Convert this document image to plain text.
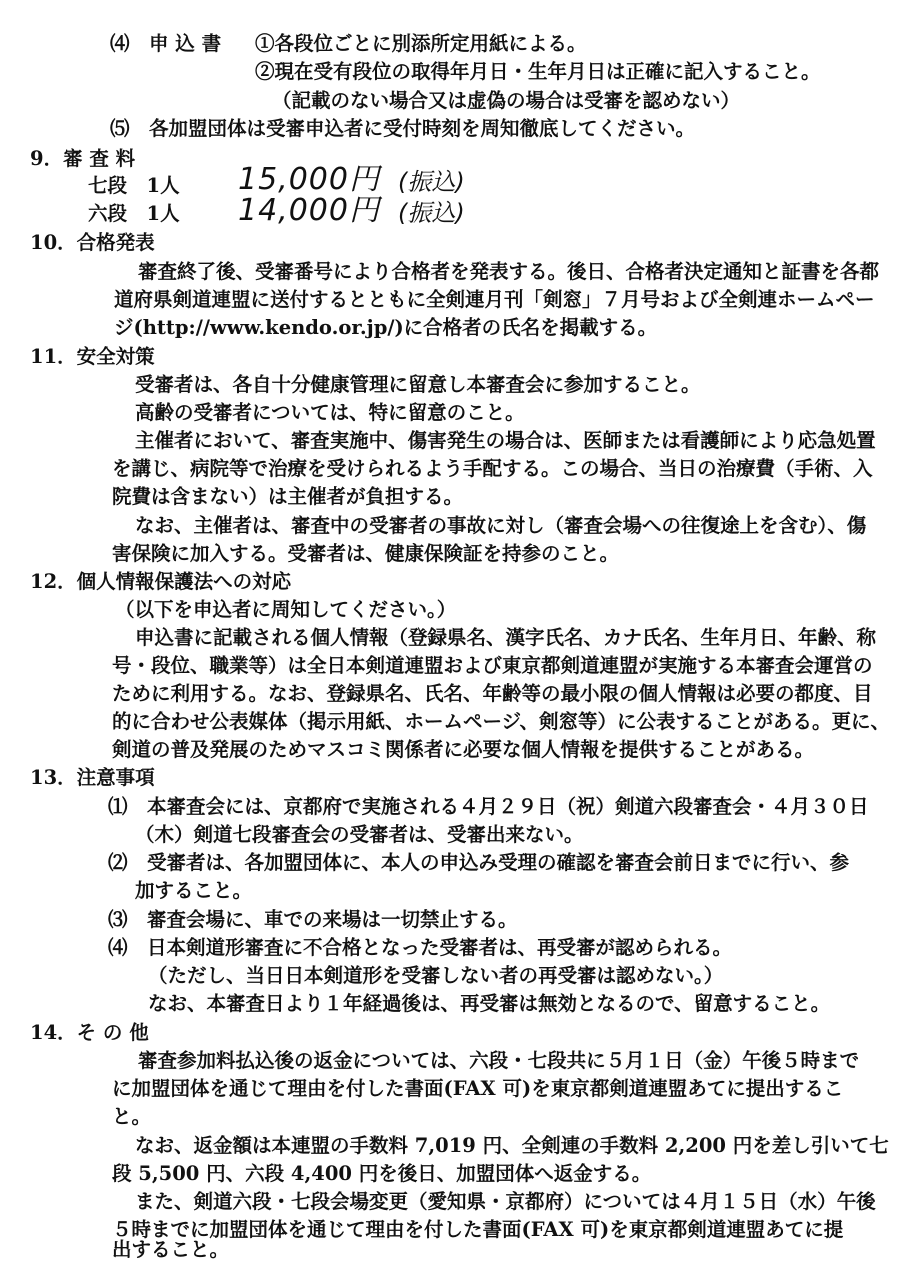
⑷　申 込 書 ①各段位ごとに別添所定用紙による。
②現在受有段位の取得年月日・生年月日は正確に記入すること。
（記載のない場合又は虚偽の場合は受審を認めない）
⑸　各加盟団体は受審申込者に受付時刻を周知徹底してください。
9．審 査 料
七段　1人 15,000円 (振込)
六段　1人 14,000円 (振込)
10．合格発表
審査終了後、受審番号により合格者を発表する。後日、合格者決定通知と証書を各都
道府県剣道連盟に送付するとともに全剣連月刊「剣窓」７月号および全剣連ホームペー
ジ(http://www.kendo.or.jp/)に合格者の氏名を掲載する。
11．安全対策
受審者は、各自十分健康管理に留意し本審査会に参加すること。
高齢の受審者については、特に留意のこと。
主催者において、審査実施中、傷害発生の場合は、医師または看護師により応急処置
を講じ、病院等で治療を受けられるよう手配する。この場合、当日の治療費（手術、入
院費は含まない）は主催者が負担する。
なお、主催者は、審査中の受審者の事故に対し（審査会場への往復途上を含む）、傷
害保険に加入する。受審者は、健康保険証を持参のこと。
12．個人情報保護法への対応
（以下を申込者に周知してください。）
申込書に記載される個人情報（登録県名、漢字氏名、カナ氏名、生年月日、年齢、称
号・段位、職業等）は全日本剣道連盟および東京都剣道連盟が実施する本審査会運営の
ために利用する。なお、登録県名、氏名、年齢等の最小限の個人情報は必要の都度、目
的に合わせ公表媒体（掲示用紙、ホームページ、剣窓等）に公表することがある。更に、
剣道の普及発展のためマスコミ関係者に必要な個人情報を提供することがある。
13．注意事項
⑴　本審査会には、京都府で実施される４月２９日（祝）剣道六段審査会・４月３０日
（木）剣道七段審査会の受審者は、受審出来ない。
⑵　受審者は、各加盟団体に、本人の申込み受理の確認を審査会前日までに行い、参
加すること。
⑶　審査会場に、車での来場は一切禁止する。
⑷　日本剣道形審査に不合格となった受審者は、再受審が認められる。
（ただし、当日日本剣道形を受審しない者の再受審は認めない。）
なお、本審査日より１年経過後は、再受審は無効となるので、留意すること。
14．そ の 他
審査参加料払込後の返金については、六段・七段共に５月１日（金）午後５時まで
に加盟団体を通じて理由を付した書面(FAX 可)を東京都剣道連盟あてに提出するこ
と。
なお、返金額は本連盟の手数料 7,019 円、全剣連の手数料 2,200 円を差し引いて七
段 5,500 円、六段 4,400 円を後日、加盟団体へ返金する。
また、剣道六段・七段会場変更（愛知県・京都府）については４月１５日（水）午後
５時までに加盟団体を通じて理由を付した書面(FAX 可)を東京都剣道連盟あてに提
出すること。
